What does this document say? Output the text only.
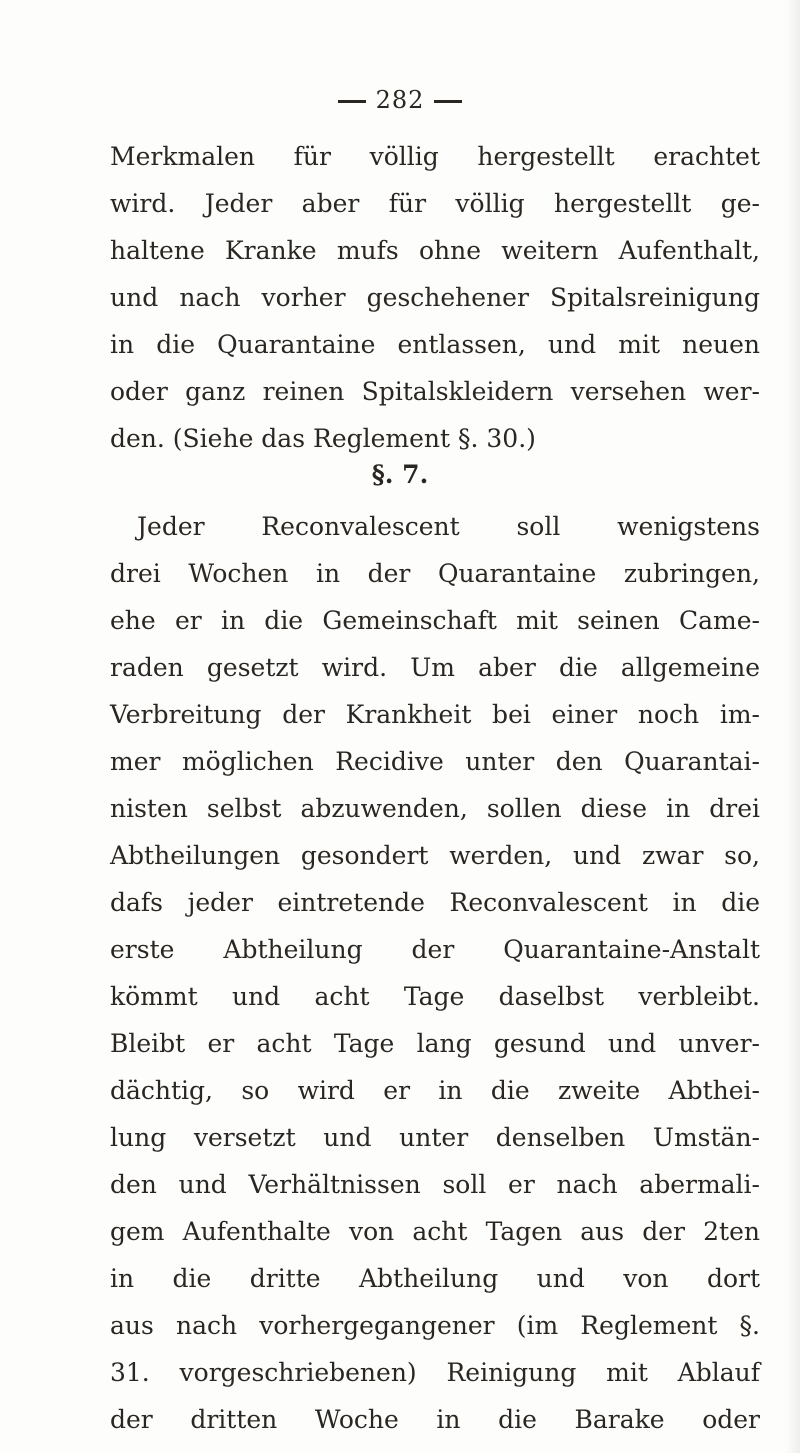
282
Merkmalen für völlig hergestellt erachtet
wird. Jeder aber für völlig hergestellt ge-
haltene Kranke mufs ohne weitern Aufenthalt,
und nach vorher geschehener Spitalsreinigung
in die Quarantaine entlassen, und mit neuen
oder ganz reinen Spitalskleidern versehen wer-
den. (Siehe das Reglement §. 30.)
§. 7.
Jeder Reconvalescent soll wenigstens
drei Wochen in der Quarantaine zubringen,
ehe er in die Gemeinschaft mit seinen Came-
raden gesetzt wird. Um aber die allgemeine
Verbreitung der Krankheit bei einer noch im-
mer möglichen Recidive unter den Quarantai-
nisten selbst abzuwenden, sollen diese in drei
Abtheilungen gesondert werden, und zwar so,
dafs jeder eintretende Reconvalescent in die
erste Abtheilung der Quarantaine-Anstalt
kömmt und acht Tage daselbst verbleibt.
Bleibt er acht Tage lang gesund und unver-
dächtig, so wird er in die zweite Abthei-
lung versetzt und unter denselben Umstän-
den und Verhältnissen soll er nach abermali-
gem Aufenthalte von acht Tagen aus der 2ten
in die dritte Abtheilung und von dort
aus nach vorhergegangener (im Reglement §.
31. vorgeschriebenen) Reinigung mit Ablauf
der dritten Woche in die Barake oder
